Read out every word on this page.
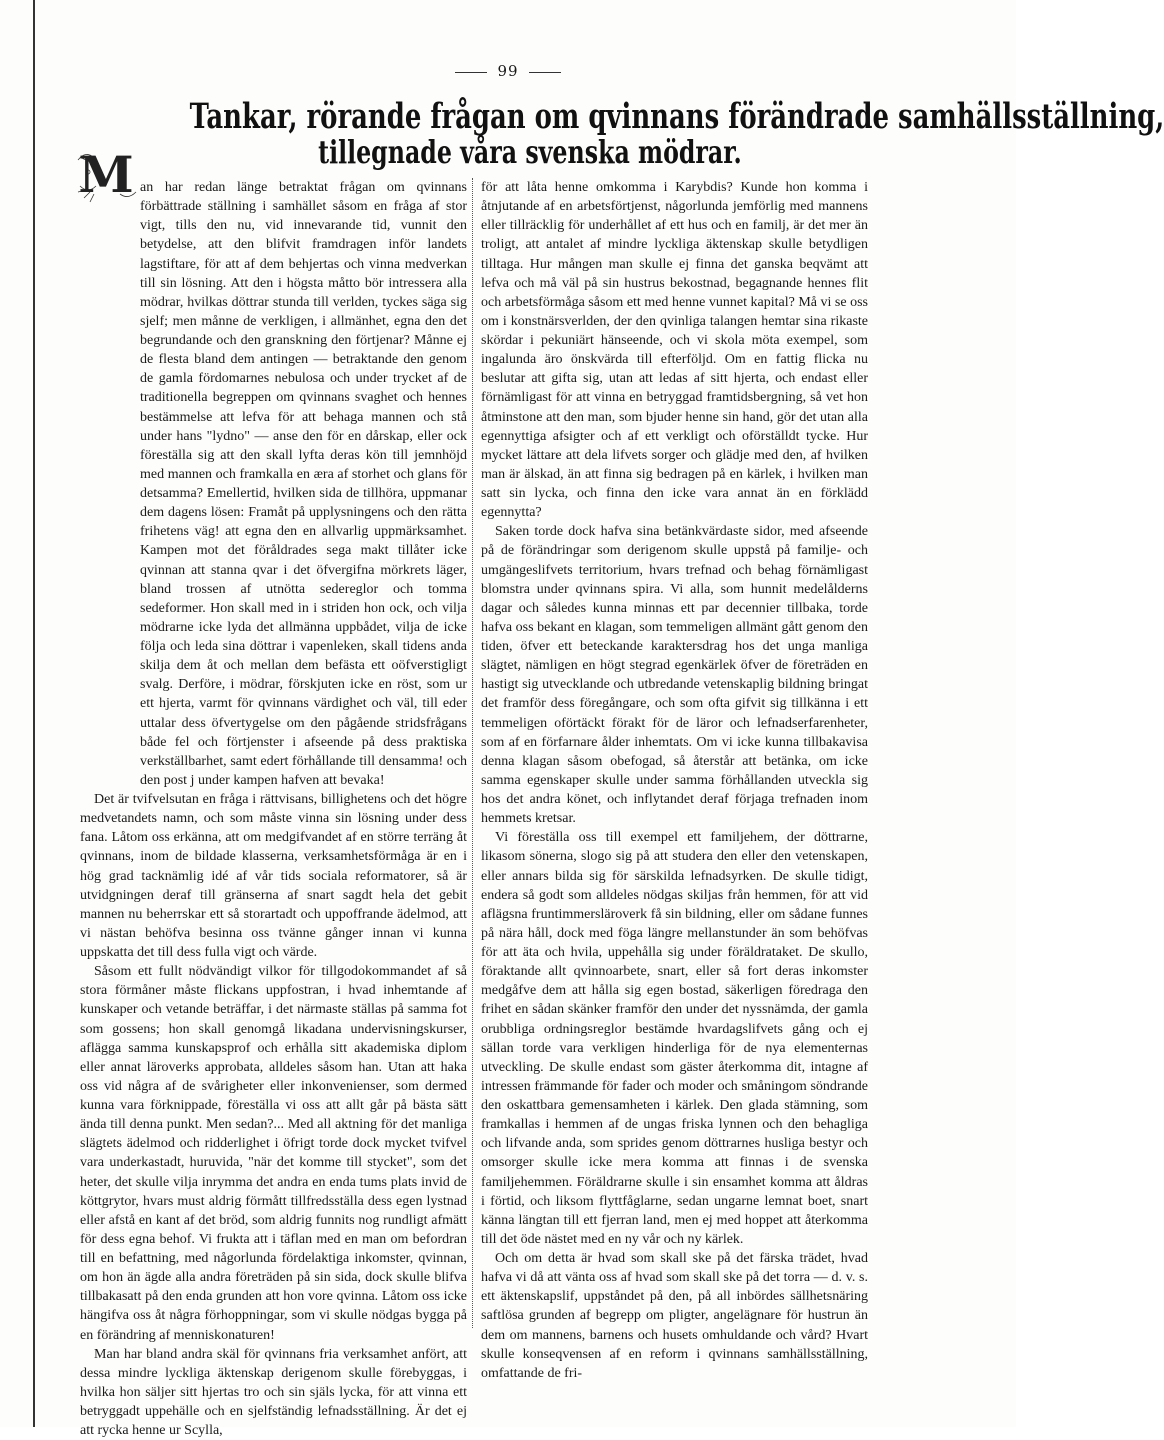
99
Tankar, rörande frågan om qvinnans förändrade samhällsställning,
tillegnade våra svenska mödrar.
M an har redan länge betraktat frågan om qvinnans förbättrade ställning i samhället såsom en fråga af stor vigt, tills den nu, vid innevarande tid, vunnit den betydelse, att den blifvit framdragen inför landets lagstiftare, för att af dem behjertas och vinna medverkan till sin lösning. Att den i högsta måtto bör intressera alla mödrar, hvilkas döttrar stunda till verlden, tyckes säga sig sjelf; men månne de verkligen, i allmänhet, egna den det begrundande och den granskning den förtjenar? Månne ej de flesta bland dem antingen — betraktande den genom de gamla fördomarnes nebulosa och under trycket af de traditionella begreppen om qvinnans svaghet och hennes bestämmelse att lefva för att behaga mannen och stå under hans "lydno" — anse den för en dårskap, eller ock föreställa sig att den skall lyfta deras kön till jemnhöjd med mannen och framkalla en æra af storhet och glans för detsamma? Emellertid, hvilken sida de tillhöra, uppmanar dem dagens lösen: Framåt på upplysningens och den rätta frihetens väg! att egna den en allvarlig uppmärksamhet. Kampen mot det föråldrades sega makt tillåter icke qvinnan att stanna qvar i det öfvergifna mörkrets läger, bland trossen af utnötta sedereglor och tomma sedeformer. Hon skall med in i striden hon ock, och vilja mödrarne icke lyda det allmänna uppbådet, vilja de icke följa och leda sina döttrar i vapenleken, skall tidens anda skilja dem åt och mellan dem befästa ett oöfverstigligt svalg. Derföre, i mödrar, förskjuten icke en röst, som ur ett hjerta, varmt för qvinnans värdighet och väl, till eder uttalar dess öfvertygelse om den pågående stridsfrågans både fel och förtjenster i afseende på dess praktiska verkställbarhet, samt edert förhållande till densamma! och den post j under kampen hafven att bevaka!

Det är tvifvelsutan en fråga i rättvisans, billighetens och det högre medvetandets namn, och som måste vinna sin lösning under dess fana. Låtom oss erkänna, att om medgifvandet af en större terräng åt qvinnans, inom de bildade klasserna, verksamhetsförmåga är en i hög grad tacknämlig idé af vår tids sociala reformatorer, så är utvidgningen deraf till gränserna af snart sagdt hela det gebit mannen nu beherrskar ett så storartadt och uppoffrande ädelmod, att vi nästan behöfva besinna oss tvänne gånger innan vi kunna uppskatta det till dess fulla vigt och värde.

Såsom ett fullt nödvändigt vilkor för tillgodokommandet af så stora förmåner måste flickans uppfostran, i hvad inhemtande af kunskaper och vetande beträffar, i det närmaste ställas på samma fot som gossens; hon skall genomgå likadana undervisningskurser, aflägga samma kunskapsprof och erhålla sitt akademiska diplom eller annat läroverks approbata, alldeles såsom han. Utan att haka oss vid några af de svårigheter eller inkonvenienser, som dermed kunna vara förknippade, föreställa vi oss att allt går på bästa sätt ända till denna punkt. Men sedan?... Med all aktning för det manliga slägtets ädelmod och ridderlighet i öfrigt torde dock mycket tvifvel vara underkastadt, huruvida, "när det komme till stycket", som det heter, det skulle vilja inrymma det andra en enda tums plats invid de köttgrytor, hvars must aldrig förmått tillfredsställa dess egen lystnad eller afstå en kant af det bröd, som aldrig funnits nog rundligt afmätt för dess egna behof. Vi frukta att i täflan med en man om befordran till en befattning, med någorlunda fördelaktiga inkomster, qvinnan, om hon än ägde alla andra företräden på sin sida, dock skulle blifva tillbakasatt på den enda grunden att hon vore qvinna. Låtom oss icke hängifva oss åt några förhoppningar, som vi skulle nödgas bygga på en förändring af menniskonaturen!

Man har bland andra skäl för qvinnans fria verksamhet anfört, att dessa mindre lyckliga äktenskap derigenom skulle förebyggas, i hvilka hon säljer sitt hjertas tro och sin själs lycka, för att vinna ett betryggadt uppehälle och en sjelfständig lefnadsställning. Är det ej att rycka henne ur Scylla,

för att låta henne omkomma i Karybdis? Kunde hon komma i åtnjutande af en arbetsförtjenst, någorlunda jemförlig med mannens eller tillräcklig för underhållet af ett hus och en familj, är det mer än troligt, att antalet af mindre lyckliga äktenskap skulle betydligen tilltaga. Hur mången man skulle ej finna det ganska beqvämt att lefva och må väl på sin hustrus bekostnad, begagnande hennes flit och arbetsförmåga såsom ett med henne vunnet kapital? Må vi se oss om i konstnärsverlden, der den qvinliga talangen hemtar sina rikaste skördar i pekuniärt hänseende, och vi skola möta exempel, som ingalunda äro önskvärda till efterföljd. Om en fattig flicka nu beslutar att gifta sig, utan att ledas af sitt hjerta, och endast eller förnämligast för att vinna en betryggad framtidsbergning, så vet hon åtminstone att den man, som bjuder henne sin hand, gör det utan alla egennyttiga afsigter och af ett verkligt och oförställdt tycke. Hur mycket lättare att dela lifvets sorger och glädje med den, af hvilken man är älskad, än att finna sig bedragen på en kärlek, i hvilken man satt sin lycka, och finna den icke vara annat än en förklädd egennytta?

Saken torde dock hafva sina betänkvärdaste sidor, med afseende på de förändringar som derigenom skulle uppstå på familje- och umgängeslifvets territorium, hvars trefnad och behag förnämligast blomstra under qvinnans spira. Vi alla, som hunnit medelålderns dagar och således kunna minnas ett par decennier tillbaka, torde hafva oss bekant en klagan, som temmeligen allmänt gått genom den tiden, öfver ett beteckande karaktersdrag hos det unga manliga slägtet, nämligen en högt stegrad egenkärlek öfver de företräden en hastigt sig utvecklande och utbredande vetenskaplig bildning bringat det framför dess föregångare, och som ofta gifvit sig tillkänna i ett temmeligen oförtäckt förakt för de läror och lefnadserfarenheter, som af en förfarnare ålder inhemtats. Om vi icke kunna tillbakavisa denna klagan såsom obefogad, så återstår att betänka, om icke samma egenskaper skulle under samma förhållanden utveckla sig hos det andra könet, och inflytandet deraf förjaga trefnaden inom hemmets kretsar.

Vi föreställa oss till exempel ett familjehem, der döttrarne, likasom sönerna, slogo sig på att studera den eller den vetenskapen, eller annars bilda sig för särskilda lefnadsyrken. De skulle tidigt, endera så godt som alldeles nödgas skiljas från hemmen, för att vid aflägsna fruntimmersläroverk få sin bildning, eller om sådane funnes på nära håll, dock med föga längre mellanstunder än som behöfvas för att äta och hvila, uppehålla sig under föräldrataket. De skullo, föraktande allt qvinnoarbete, snart, eller så fort deras inkomster medgåfve dem att hålla sig egen bostad, säkerligen föredraga den frihet en sådan skänker framför den under det nyssnämda, der gamla orubbliga ordningsreglor bestämde hvardagslifvets gång och ej sällan torde vara verkligen hinderliga för de nya elementernas utveckling. De skulle endast som gäster återkomma dit, intagne af intressen främmande för fader och moder och småningom söndrande den oskattbara gemensamheten i kärlek. Den glada stämning, som framkallas i hemmen af de ungas friska lynnen och den behagliga och lifvande anda, som sprides genom döttrarnes husliga bestyr och omsorger skulle icke mera komma att finnas i de svenska familjehemmen. Föräldrarne skulle i sin ensamhet komma att åldras i förtid, och liksom flyttfåglarne, sedan ungarne lemnat boet, snart känna längtan till ett fjerran land, men ej med hoppet att återkomma till det öde nästet med en ny vår och ny kärlek.

Och om detta är hvad som skall ske på det färska trädet, hvad hafva vi då att vänta oss af hvad som skall ske på det torra — d. v. s. ett äktenskapslif, uppståndet på den, på all inbördes sällhetsnäring saftlösa grunden af begrepp om pligter, angelägnare för hustrun än dem om mannens, barnens och husets omhuldande och vård? Hvart skulle konseqvensen af en reform i qvinnans samhällsställning, omfattande de fri-
